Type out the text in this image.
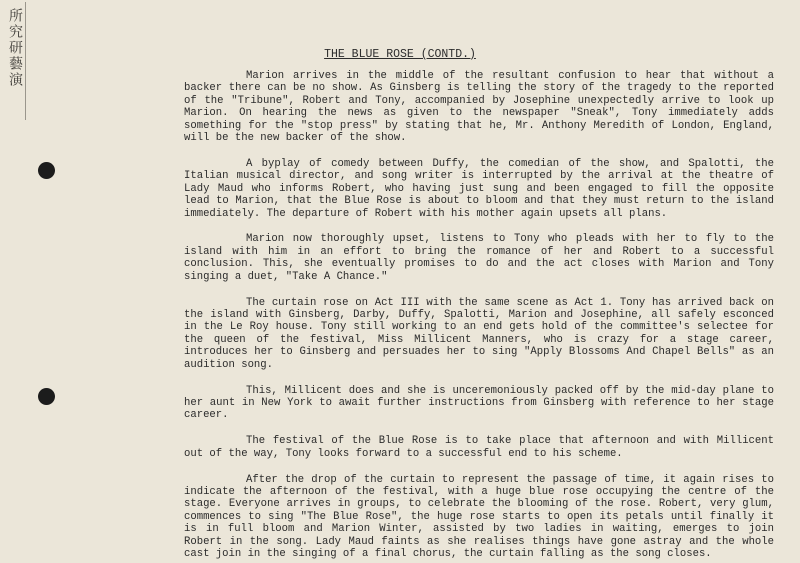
所究研藝演	THE BLUE ROSE (CONTD.)

Marion arrives in the middle of the resultant confusion to hear that without a backer there can be no show. As Ginsberg is telling the story of the tragedy to the reported of the "Tribune", Robert and Tony, accompanied by Josephine unexpectedly arrive to look up Marion. On hearing the news as given to the newspaper "Sneak", Tony immediately adds something for the "stop press" by stating that he, Mr. Anthony Meredith of London, England, will be the new backer of the show.

A byplay of comedy between Duffy, the comedian of the show, and Spalotti, the Italian musical director, and song writer is interrupted by the arrival at the theatre of Lady Maud who informs Robert, who having just sung and been engaged to fill the opposite lead to Marion, that the Blue Rose is about to bloom and that they must return to the island immediately. The departure of Robert with his mother again upsets all plans.

Marion now thoroughly upset, listens to Tony who pleads with her to fly to the island with him in an effort to bring the romance of her and Robert to a successful conclusion. This, she eventually promises to do and the act closes with Marion and Tony singing a duet, "Take A Chance."

The curtain rose on Act III with the same scene as Act 1. Tony has arrived back on the island with Ginsberg, Darby, Duffy, Spalotti, Marion and Josephine, all safely esconced in the Le Roy house. Tony still working to an end gets hold of the committee's selectee for the queen of the festival, Miss Millicent Manners, who is crazy for a stage career, introduces her to Ginsberg and persuades her to sing "Apply Blossoms And Chapel Bells" as an audition song.

This, Millicent does and she is unceremoniously packed off by the mid-day plane to her aunt in New York to await further instructions from Ginsberg with reference to her stage career.

The festival of the Blue Rose is to take place that afternoon and with Millicent out of the way, Tony looks forward to a successful end to his scheme.

After the drop of the curtain to represent the passage of time, it again rises to indicate the afternoon of the festival, with a huge blue rose occupying the centre of the stage. Everyone arrives in groups, to celebrate the blooming of the rose. Robert, very glum, commences to sing "The Blue Rose", the huge rose starts to open its petals until finally it is in full bloom and Marion Winter, assisted by two ladies in waiting, emerges to join Robert in the song. Lady Maud faints as she realises things have gone astray and the whole cast join in the singing of a final chorus, the curtain falling as the song closes.
